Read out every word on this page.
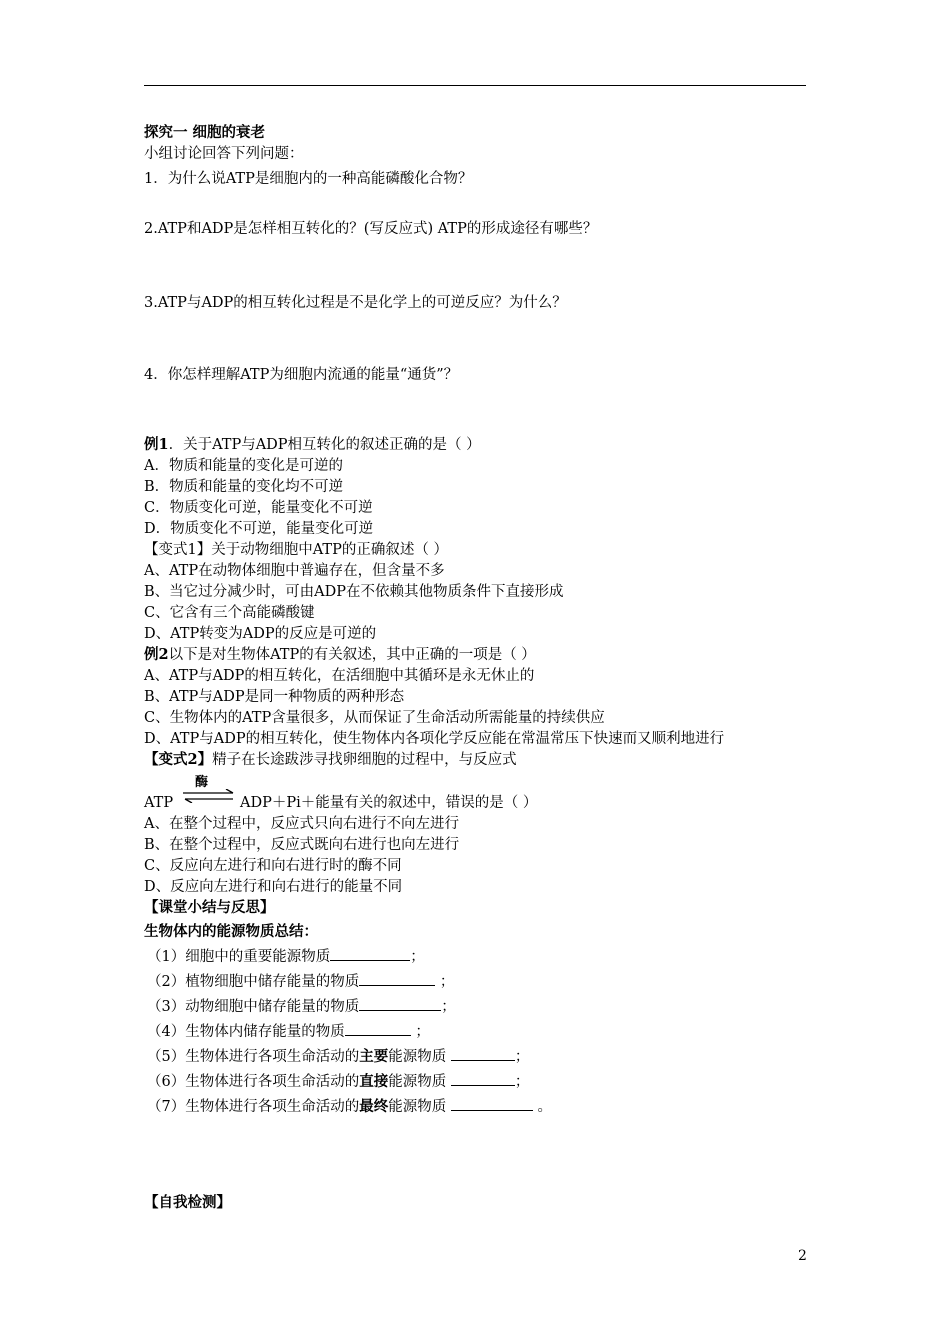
探究一 细胞的衰老
小组讨论回答下列问题：
1．为什么说ATP是细胞内的一种高能磷酸化合物？
2.ATP和ADP是怎样相互转化的？(写反应式) ATP的形成途径有哪些？
3.ATP与ADP的相互转化过程是不是化学上的可逆反应？为什么？
4．你怎样理解ATP为细胞内流通的能量“通货”？
例1．关于ATP与ADP相互转化的叙述正确的是（ ）
A．物质和能量的变化是可逆的
B．物质和能量的变化均不可逆
C．物质变化可逆，能量变化不可逆
D．物质变化不可逆，能量变化可逆
【变式1】关于动物细胞中ATP的正确叙述（ ）
A、ATP在动物体细胞中普遍存在，但含量不多
B、当它过分减少时，可由ADP在不依赖其他物质条件下直接形成
C、它含有三个高能磷酸键
D、ATP转变为ADP的反应是可逆的
例2以下是对生物体ATP的有关叙述，其中正确的一项是（ ）
A、ATP与ADP的相互转化，在活细胞中其循环是永无休止的
B、ATP与ADP是同一种物质的两种形态
C、生物体内的ATP含量很多，从而保证了生命活动所需能量的持续供应
D、ATP与ADP的相互转化，使生物体内各项化学反应能在常温常压下快速而又顺利地进行
【变式2】精子在长途跋涉寻找卵细胞的过程中，与反应式
酶
ATP	ADP＋Pi＋能量有关的叙述中，错误的是（ ）
A、在整个过程中，反应式只向右进行不向左进行
B、在整个过程中，反应式既向右进行也向左进行
C、反应向左进行和向右进行时的酶不同
D、反应向左进行和向右进行的能量不同
【课堂小结与反思】
生物体内的能源物质总结：
（1）细胞中的重要能源物质	；
（2）植物细胞中储存能量的物质	；
（3）动物细胞中储存能量的物质	；
（4）生物体内储存能量的物质	；
（5）生物体进行各项生命活动的主要能源物质	；
（6）生物体进行各项生命活动的直接能源物质	；
（7）生物体进行各项生命活动的最终能源物质	。
【自我检测】
2
